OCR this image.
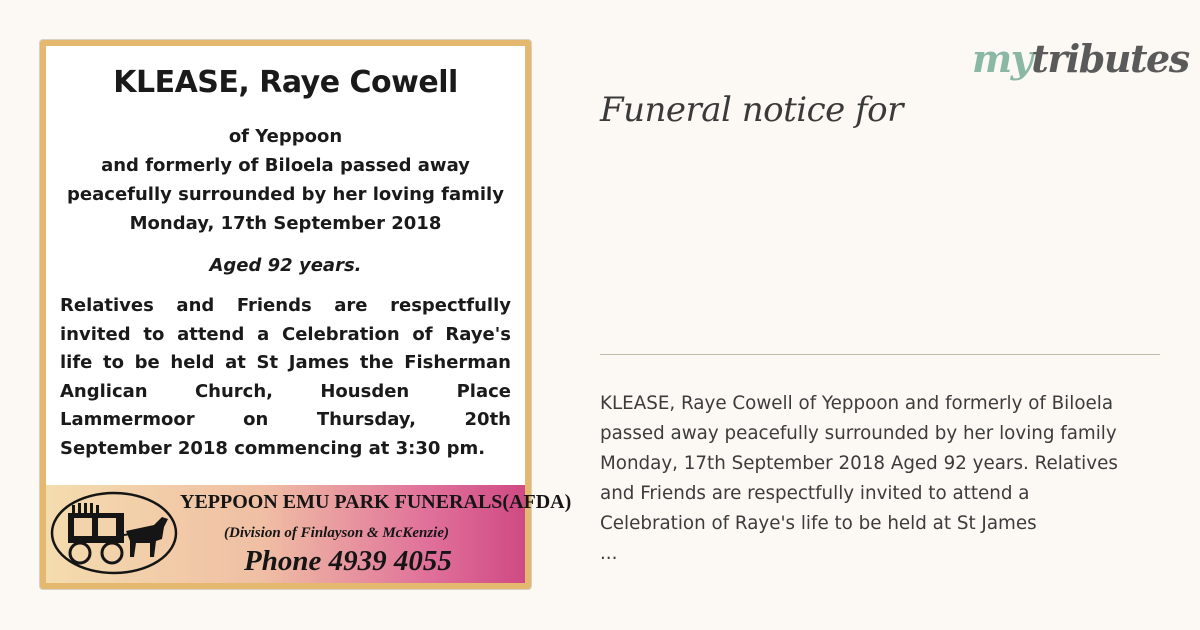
KLEASE, Raye Cowell
of Yeppoon
and formerly of Biloela passed away
peacefully surrounded by her loving family
Monday, 17th September 2018
Aged 92 years.
Relatives and Friends are respectfully
invited to attend a Celebration of Raye's
life to be held at St James the Fisherman
Anglican Church, Housden Place
Lammermoor on Thursday, 20th
September 2018 commencing at 3:30 pm.
YEPPOON EMU PARK FUNERALS(AFDA)
(Division of Finlayson & McKenzie)
Phone 4939 4055
mytributes
Funeral notice for
KLEASE, Raye Cowell of Yeppoon and formerly of Biloela
passed away peacefully surrounded by her loving family
Monday, 17th September 2018 Aged 92 years. Relatives
and Friends are respectfully invited to attend a
Celebration of Raye's life to be held at St James
...
